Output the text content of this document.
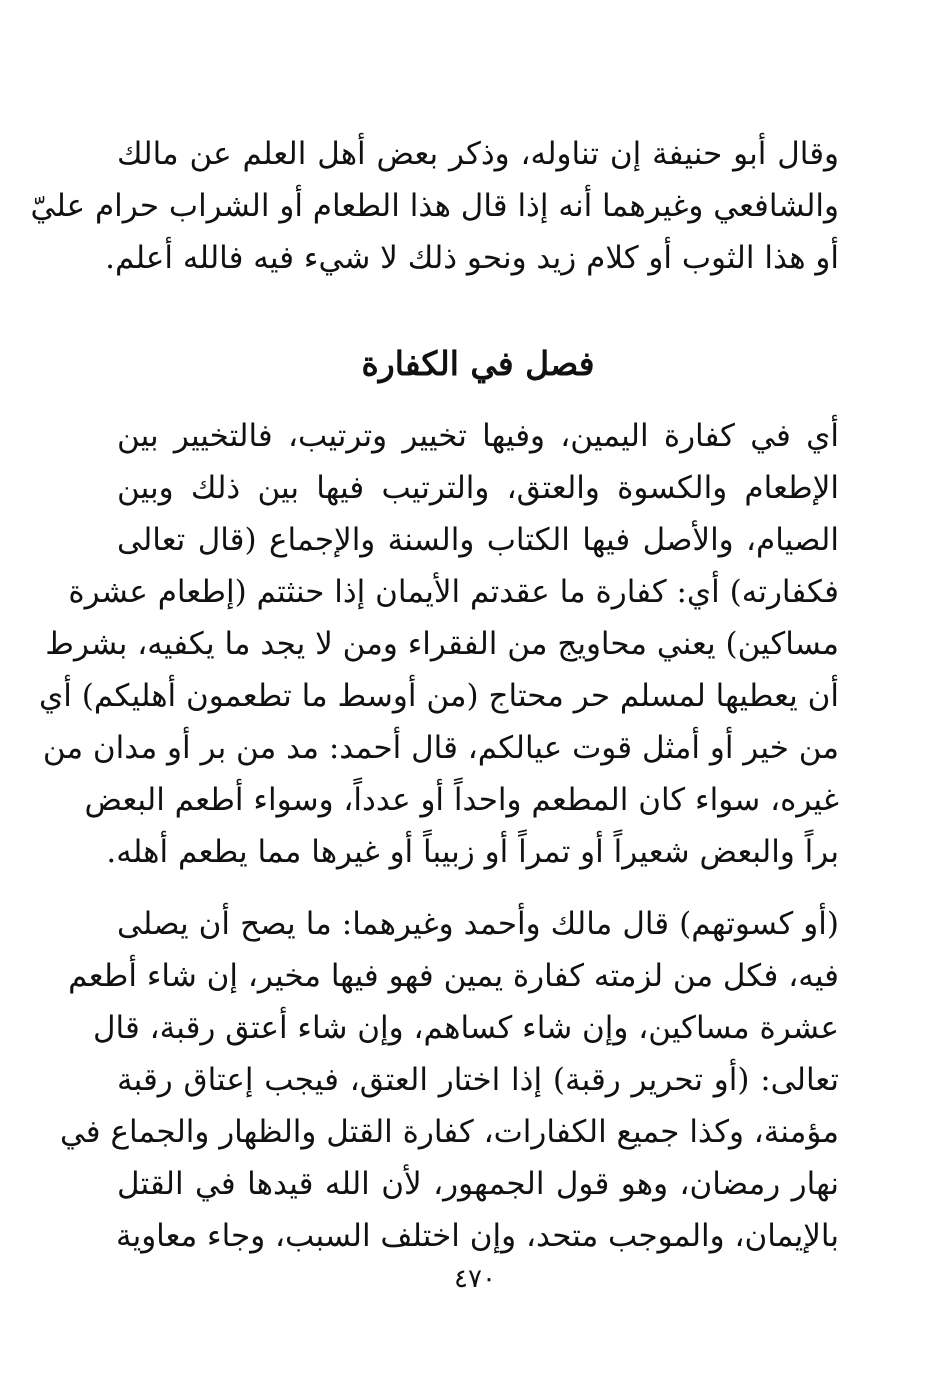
وقال أبو حنيفة إن تناوله، وذكر بعض أهل العلم عن مالك
والشافعي وغيرهما أنه إذا قال هذا الطعام أو الشراب حرام عليّ
أو هذا الثوب أو كلام زيد ونحو ذلك لا شيء فيه فالله أعلم.
فصل في الكفارة
أي في كفارة اليمين، وفيها تخيير وترتيب، فالتخيير بين
الإطعام والكسوة والعتق، والترتيب فيها بين ذلك وبين
الصيام، والأصل فيها الكتاب والسنة والإجماع (قال تعالى
فكفارته) أي: كفارة ما عقدتم الأيمان إذا حنثتم (إطعام عشرة
مساكين) يعني محاويج من الفقراء ومن لا يجد ما يكفيه، بشرط
أن يعطيها لمسلم حر محتاج (من أوسط ما تطعمون أهليكم) أي
من خير أو أمثل قوت عيالكم، قال أحمد: مد من بر أو مدان من
غيره، سواء كان المطعم واحداً أو عدداً، وسواء أطعم البعض
براً والبعض شعيراً أو تمراً أو زبيباً أو غيرها مما يطعم أهله.
(أو كسوتهم) قال مالك وأحمد وغيرهما: ما يصح أن يصلى
فيه، فكل من لزمته كفارة يمين فهو فيها مخير، إن شاء أطعم
عشرة مساكين، وإن شاء كساهم، وإن شاء أعتق رقبة، قال
تعالى: (أو تحرير رقبة) إذا اختار العتق، فيجب إعتاق رقبة
مؤمنة، وكذا جميع الكفارات، كفارة القتل والظهار والجماع في
نهار رمضان، وهو قول الجمهور، لأن الله قيدها في القتل
بالإيمان، والموجب متحد، وإن اختلف السبب، وجاء معاوية
٤٧٠
